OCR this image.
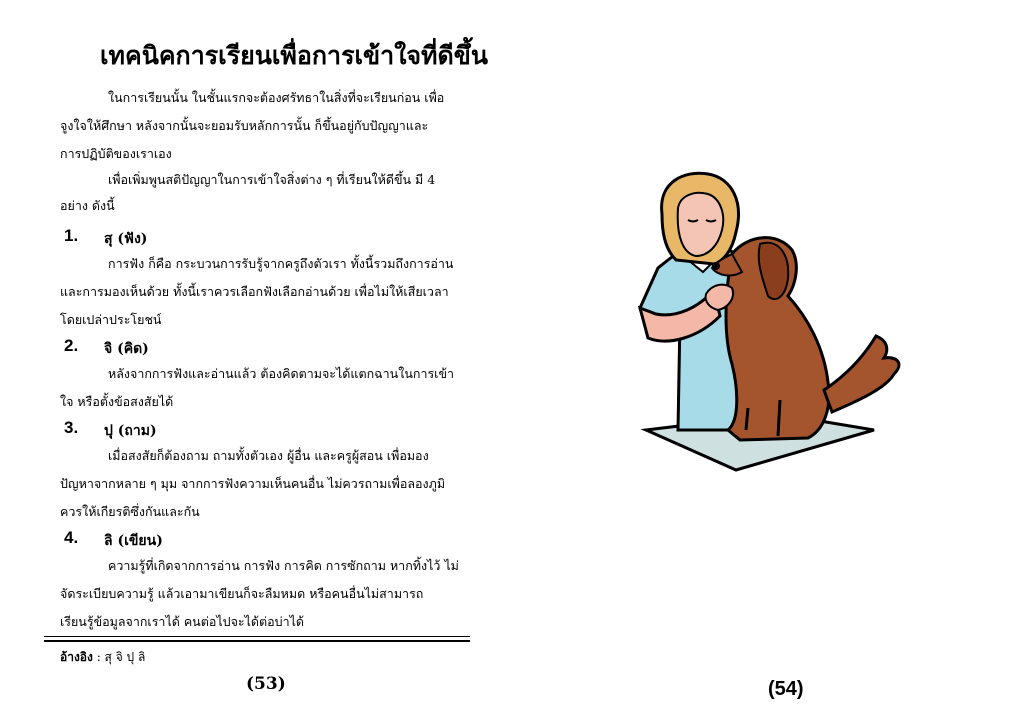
เทคนิคการเรียนเพื่อการเข้าใจที่ดีขึ้น
ในการเรียนนั้น ในชั้นแรกจะต้องศรัทธาในสิ่งที่จะเรียนก่อน เพื่อ
จูงใจให้ศึกษา หลังจากนั้นจะยอมรับหลักการนั้น ก็ขึ้นอยู่กับปัญญาและ
การปฏิบัติของเราเอง
เพื่อเพิ่มพูนสติปัญญาในการเข้าใจสิ่งต่าง ๆ ที่เรียนให้ดีขึ้น มี 4
อย่าง ดังนี้
1. สุ (ฟัง)
การฟัง ก็คือ กระบวนการรับรู้จากครูถึงตัวเรา ทั้งนี้รวมถึงการอ่าน
และการมองเห็นด้วย ทั้งนี้เราควรเลือกฟังเลือกอ่านด้วย เพื่อไม่ให้เสียเวลา
โดยเปล่าประโยชน์
2. จิ (คิด)
หลังจากการฟังและอ่านแล้ว ต้องคิดตามจะได้แตกฉานในการเข้า
ใจ หรือตั้งข้อสงสัยได้
3. ปุ (ถาม)
เมื่อสงสัยก็ต้องถาม ถามทั้งตัวเอง ผู้อื่น และครูผู้สอน เพื่อมอง
ปัญหาจากหลาย ๆ มุม จากการฟังความเห็นคนอื่น ไม่ควรถามเพื่อลองภูมิ
ควรให้เกียรติซึ่งกันและกัน
4. ลิ (เขียน)
ความรู้ที่เกิดจากการอ่าน การฟัง การคิด การซักถาม หากทิ้งไว้ ไม่
จัดระเบียบความรู้ แล้วเอามาเขียนก็จะลืมหมด หรือคนอื่นไม่สามารถ
เรียนรู้ข้อมูลจากเราได้ คนต่อไปจะได้ต่อบ่าได้
อ้างอิง : สุ จิ ปุ ลิ
(53)	(54)
